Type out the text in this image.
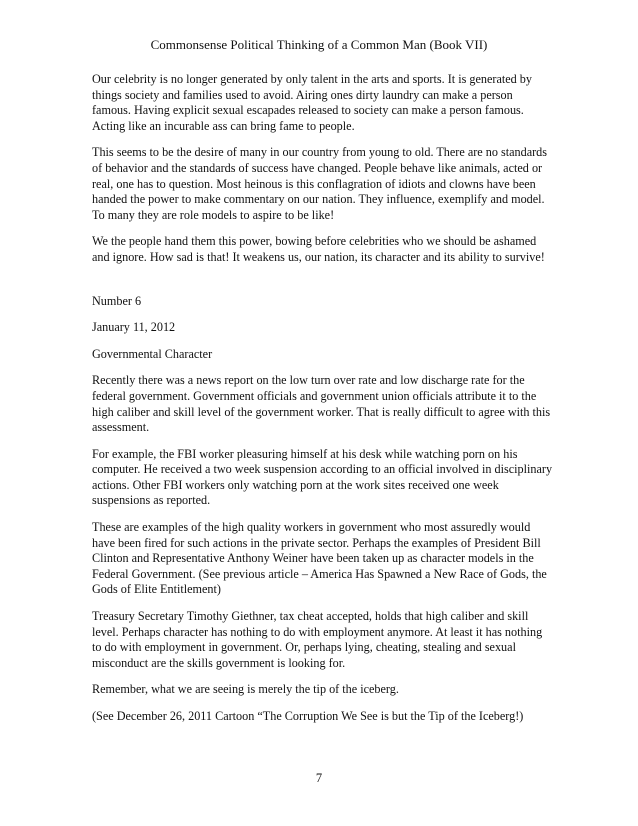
Commonsense Political Thinking of a Common Man (Book VII)

Our celebrity is no longer generated by only talent in the arts and sports. It is generated by things society and families used to avoid. Airing ones dirty laundry can make a person famous. Having explicit sexual escapades released to society can make a person famous. Acting like an incurable ass can bring fame to people.

This seems to be the desire of many in our country from young to old. There are no standards of behavior and the standards of success have changed. People behave like animals, acted or real, one has to question. Most heinous is this conflagration of idiots and clowns have been handed the power to make commentary on our nation. They influence, exemplify and model. To many they are role models to aspire to be like!

We the people hand them this power, bowing before celebrities who we should be ashamed and ignore. How sad is that! It weakens us, our nation, its character and its ability to survive!

Number 6

January 11, 2012

Governmental Character

Recently there was a news report on the low turn over rate and low discharge rate for the federal government. Government officials and government union officials attribute it to the high caliber and skill level of the government worker. That is really difficult to agree with this assessment.

For example, the FBI worker pleasuring himself at his desk while watching porn on his computer. He received a two week suspension according to an official involved in disciplinary actions. Other FBI workers only watching porn at the work sites received one week suspensions as reported.

These are examples of the high quality workers in government who most assuredly would have been fired for such actions in the private sector. Perhaps the examples of President Bill Clinton and Representative Anthony Weiner have been taken up as character models in the Federal Government. (See previous article – America Has Spawned a New Race of Gods, the Gods of Elite Entitlement)

Treasury Secretary Timothy Giethner, tax cheat accepted, holds that high caliber and skill level. Perhaps character has nothing to do with employment anymore. At least it has nothing to do with employment in government. Or, perhaps lying, cheating, stealing and sexual misconduct are the skills government is looking for.

Remember, what we are seeing is merely the tip of the iceberg.

(See December 26, 2011 Cartoon “The Corruption We See is but the Tip of the Iceberg!)

7
